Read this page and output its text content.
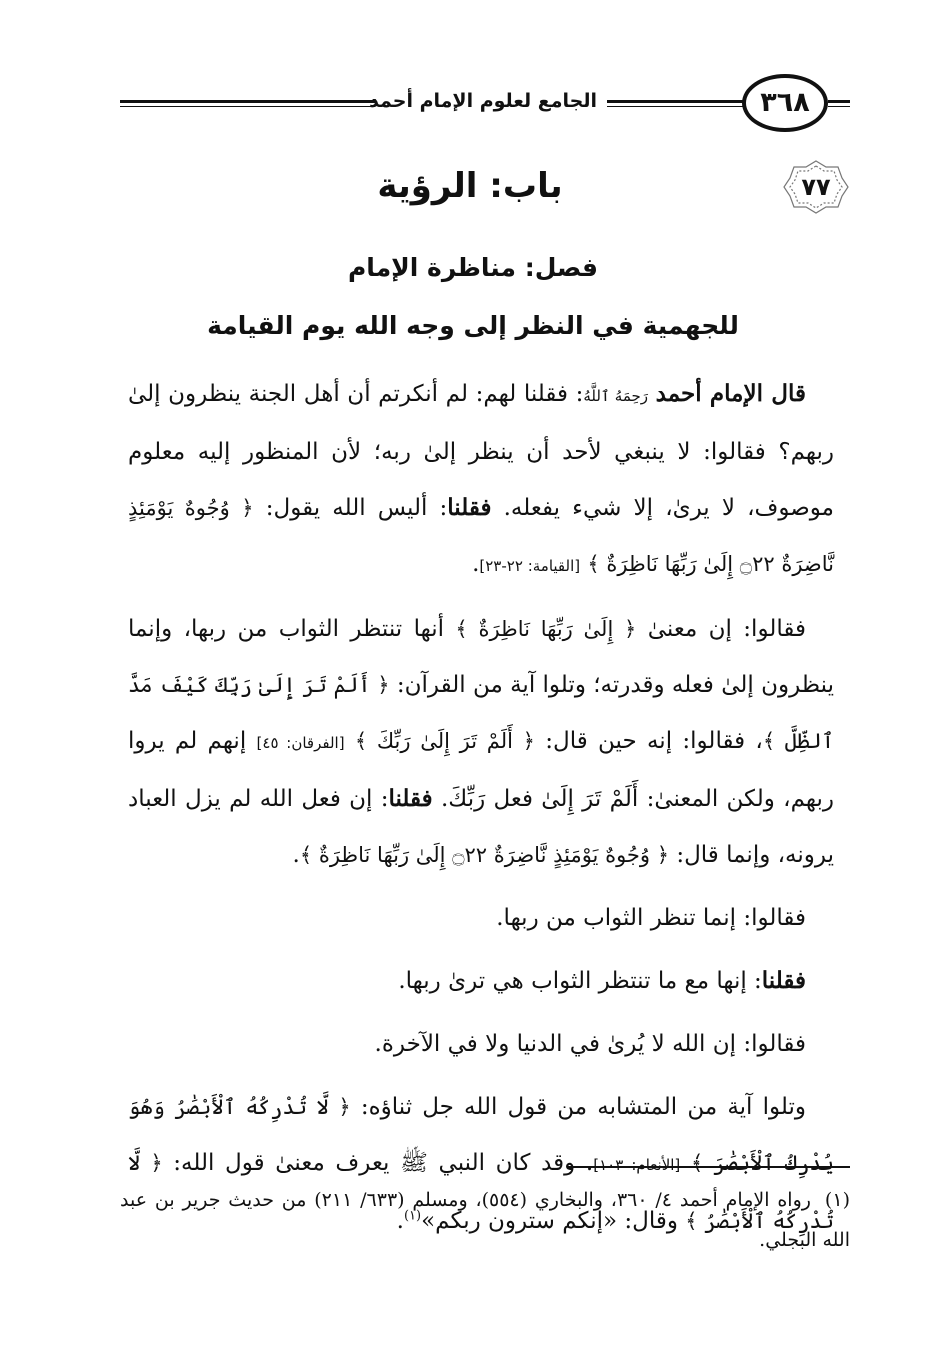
الجامع لعلوم الإمام أحمد	٣٦٨
٧٧
باب: الرؤية
فصل: مناظرة الإمام
للجهمية في النظر إلى وجه الله يوم القيامة

قال الإمام أحمد رَحِمَهُ ٱللَّهُ: فقلنا لهم: لم أنكرتم أن أهل الجنة ينظرون إلىٰ ربهم؟ فقالوا: لا ينبغي لأحد أن ينظر إلىٰ ربه؛ لأن المنظور إليه معلوم موصوف، لا يرىٰ، إلا شيء يفعله. فقلنا: أليس الله يقول: ﴿ وُجُوهٌ يَوْمَئِذٍ نَّاضِرَةٌ ۝٢٢ إِلَىٰ رَبِّهَا نَاظِرَةٌ ﴾ [القيامة: ٢٢-٢٣].

فقالوا: إن معنىٰ ﴿ إِلَىٰ رَبِّهَا نَاظِرَةٌ ﴾ أنها تنتظر الثواب من ربها، وإنما ينظرون إلىٰ فعله وقدرته؛ وتلوا آية من القرآن: ﴿ أَلَمْ تَرَ إِلَىٰ رَبِّكَ كَيْفَ مَدَّ ٱلظِّلَّ ﴾، فقالوا: إنه حين قال: ﴿ أَلَمْ تَرَ إِلَىٰ رَبِّكَ ﴾ [الفرقان: ٤٥] إنهم لم يروا ربهم، ولكن المعنىٰ: أَلَمْ تَرَ إِلَىٰ فعل رَبِّكَ. فقلنا: إن فعل الله لم يزل العباد يرونه، وإنما قال: ﴿ وُجُوهٌ يَوْمَئِذٍ نَّاضِرَةٌ ۝٢٢ إِلَىٰ رَبِّهَا نَاظِرَةٌ ﴾.

فقالوا: إنما تنظر الثواب من ربها.

فقلنا: إنها مع ما تنتظر الثواب هي ترىٰ ربها.

فقالوا: إن الله لا يُرىٰ في الدنيا ولا في الآخرة.

وتلوا آية من المتشابه من قول الله جل ثناؤه: ﴿ لَّا تُدْرِكُهُ ٱلْأَبْصَٰرُ وَهُوَ يُدْرِكُ ٱلْأَبْصَٰرَ ﴾ [الأنعام: ١٠٣]. وقد كان النبي ﷺ يعرف معنىٰ قول الله: ﴿ لَّا تُدْرِكُهُ ٱلْأَبْصَٰرُ ﴾ وقال: «إنكم سترون ربكم»$^{(١)}$.

(١)رواه الإمام أحمد ٤/ ٣٦٠، والبخاري (٥٥٤)، ومسلم (٦٣٣/ ٢١١) من حديث جرير بن عبد الله البجلي.
